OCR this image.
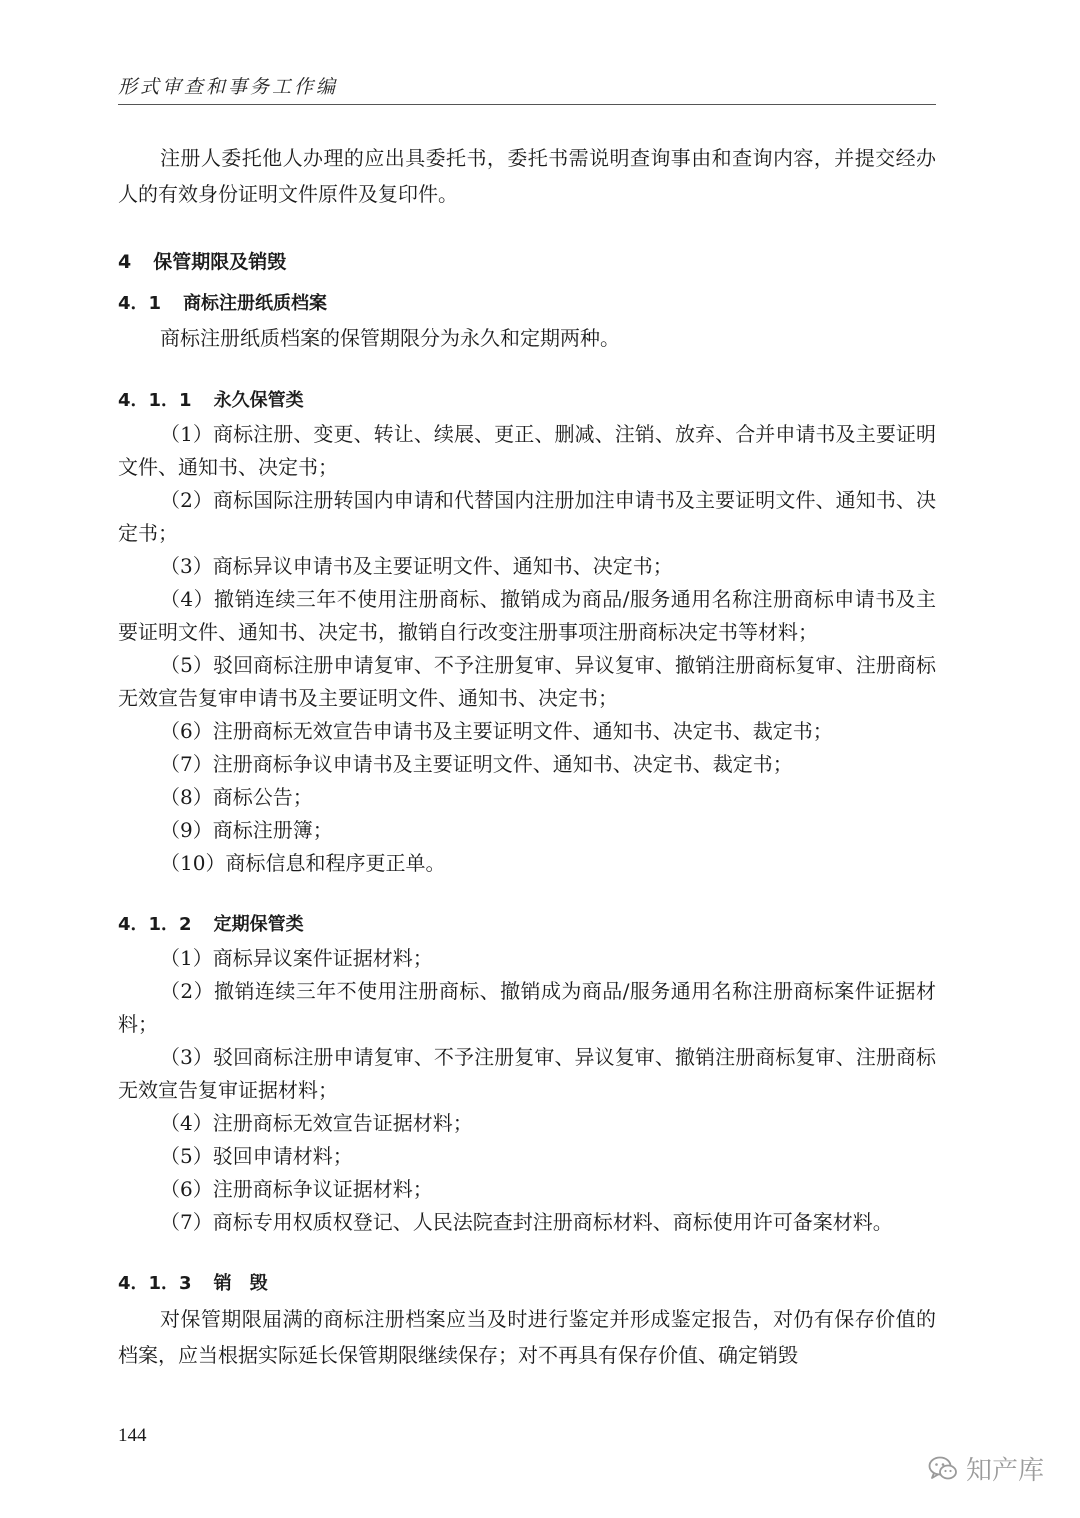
形式审查和事务工作编

注册人委托他人办理的应出具委托书，委托书需说明查询事由和查询内容，并提交经办人的有效身份证明文件原件及复印件。

4 保管期限及销毁
4．1 商标注册纸质档案

商标注册纸质档案的保管期限分为永久和定期两种。

4．1．1 永久保管类

（1）商标注册、变更、转让、续展、更正、删减、注销、放弃、合并申请书及主要证明文件、通知书、决定书；

（2）商标国际注册转国内申请和代替国内注册加注申请书及主要证明文件、通知书、决定书；

（3）商标异议申请书及主要证明文件、通知书、决定书；

（4）撤销连续三年不使用注册商标、撤销成为商品/服务通用名称注册商标申请书及主要证明文件、通知书、决定书，撤销自行改变注册事项注册商标决定书等材料；

（5）驳回商标注册申请复审、不予注册复审、异议复审、撤销注册商标复审、注册商标无效宣告复审申请书及主要证明文件、通知书、决定书；

（6）注册商标无效宣告申请书及主要证明文件、通知书、决定书、裁定书；

（7）注册商标争议申请书及主要证明文件、通知书、决定书、裁定书；

（8）商标公告；

（9）商标注册簿；

（10）商标信息和程序更正单。

4．1．2 定期保管类

（1）商标异议案件证据材料；

（2）撤销连续三年不使用注册商标、撤销成为商品/服务通用名称注册商标案件证据材料；

（3）驳回商标注册申请复审、不予注册复审、异议复审、撤销注册商标复审、注册商标无效宣告复审证据材料；

（4）注册商标无效宣告证据材料；

（5）驳回申请材料；

（6）注册商标争议证据材料；

（7）商标专用权质权登记、人民法院查封注册商标材料、商标使用许可备案材料。

4．1．3 销　毁

对保管期限届满的商标注册档案应当及时进行鉴定并形成鉴定报告，对仍有保存价值的档案，应当根据实际延长保管期限继续保存；对不再具有保存价值、确定销毁

144
知产库
